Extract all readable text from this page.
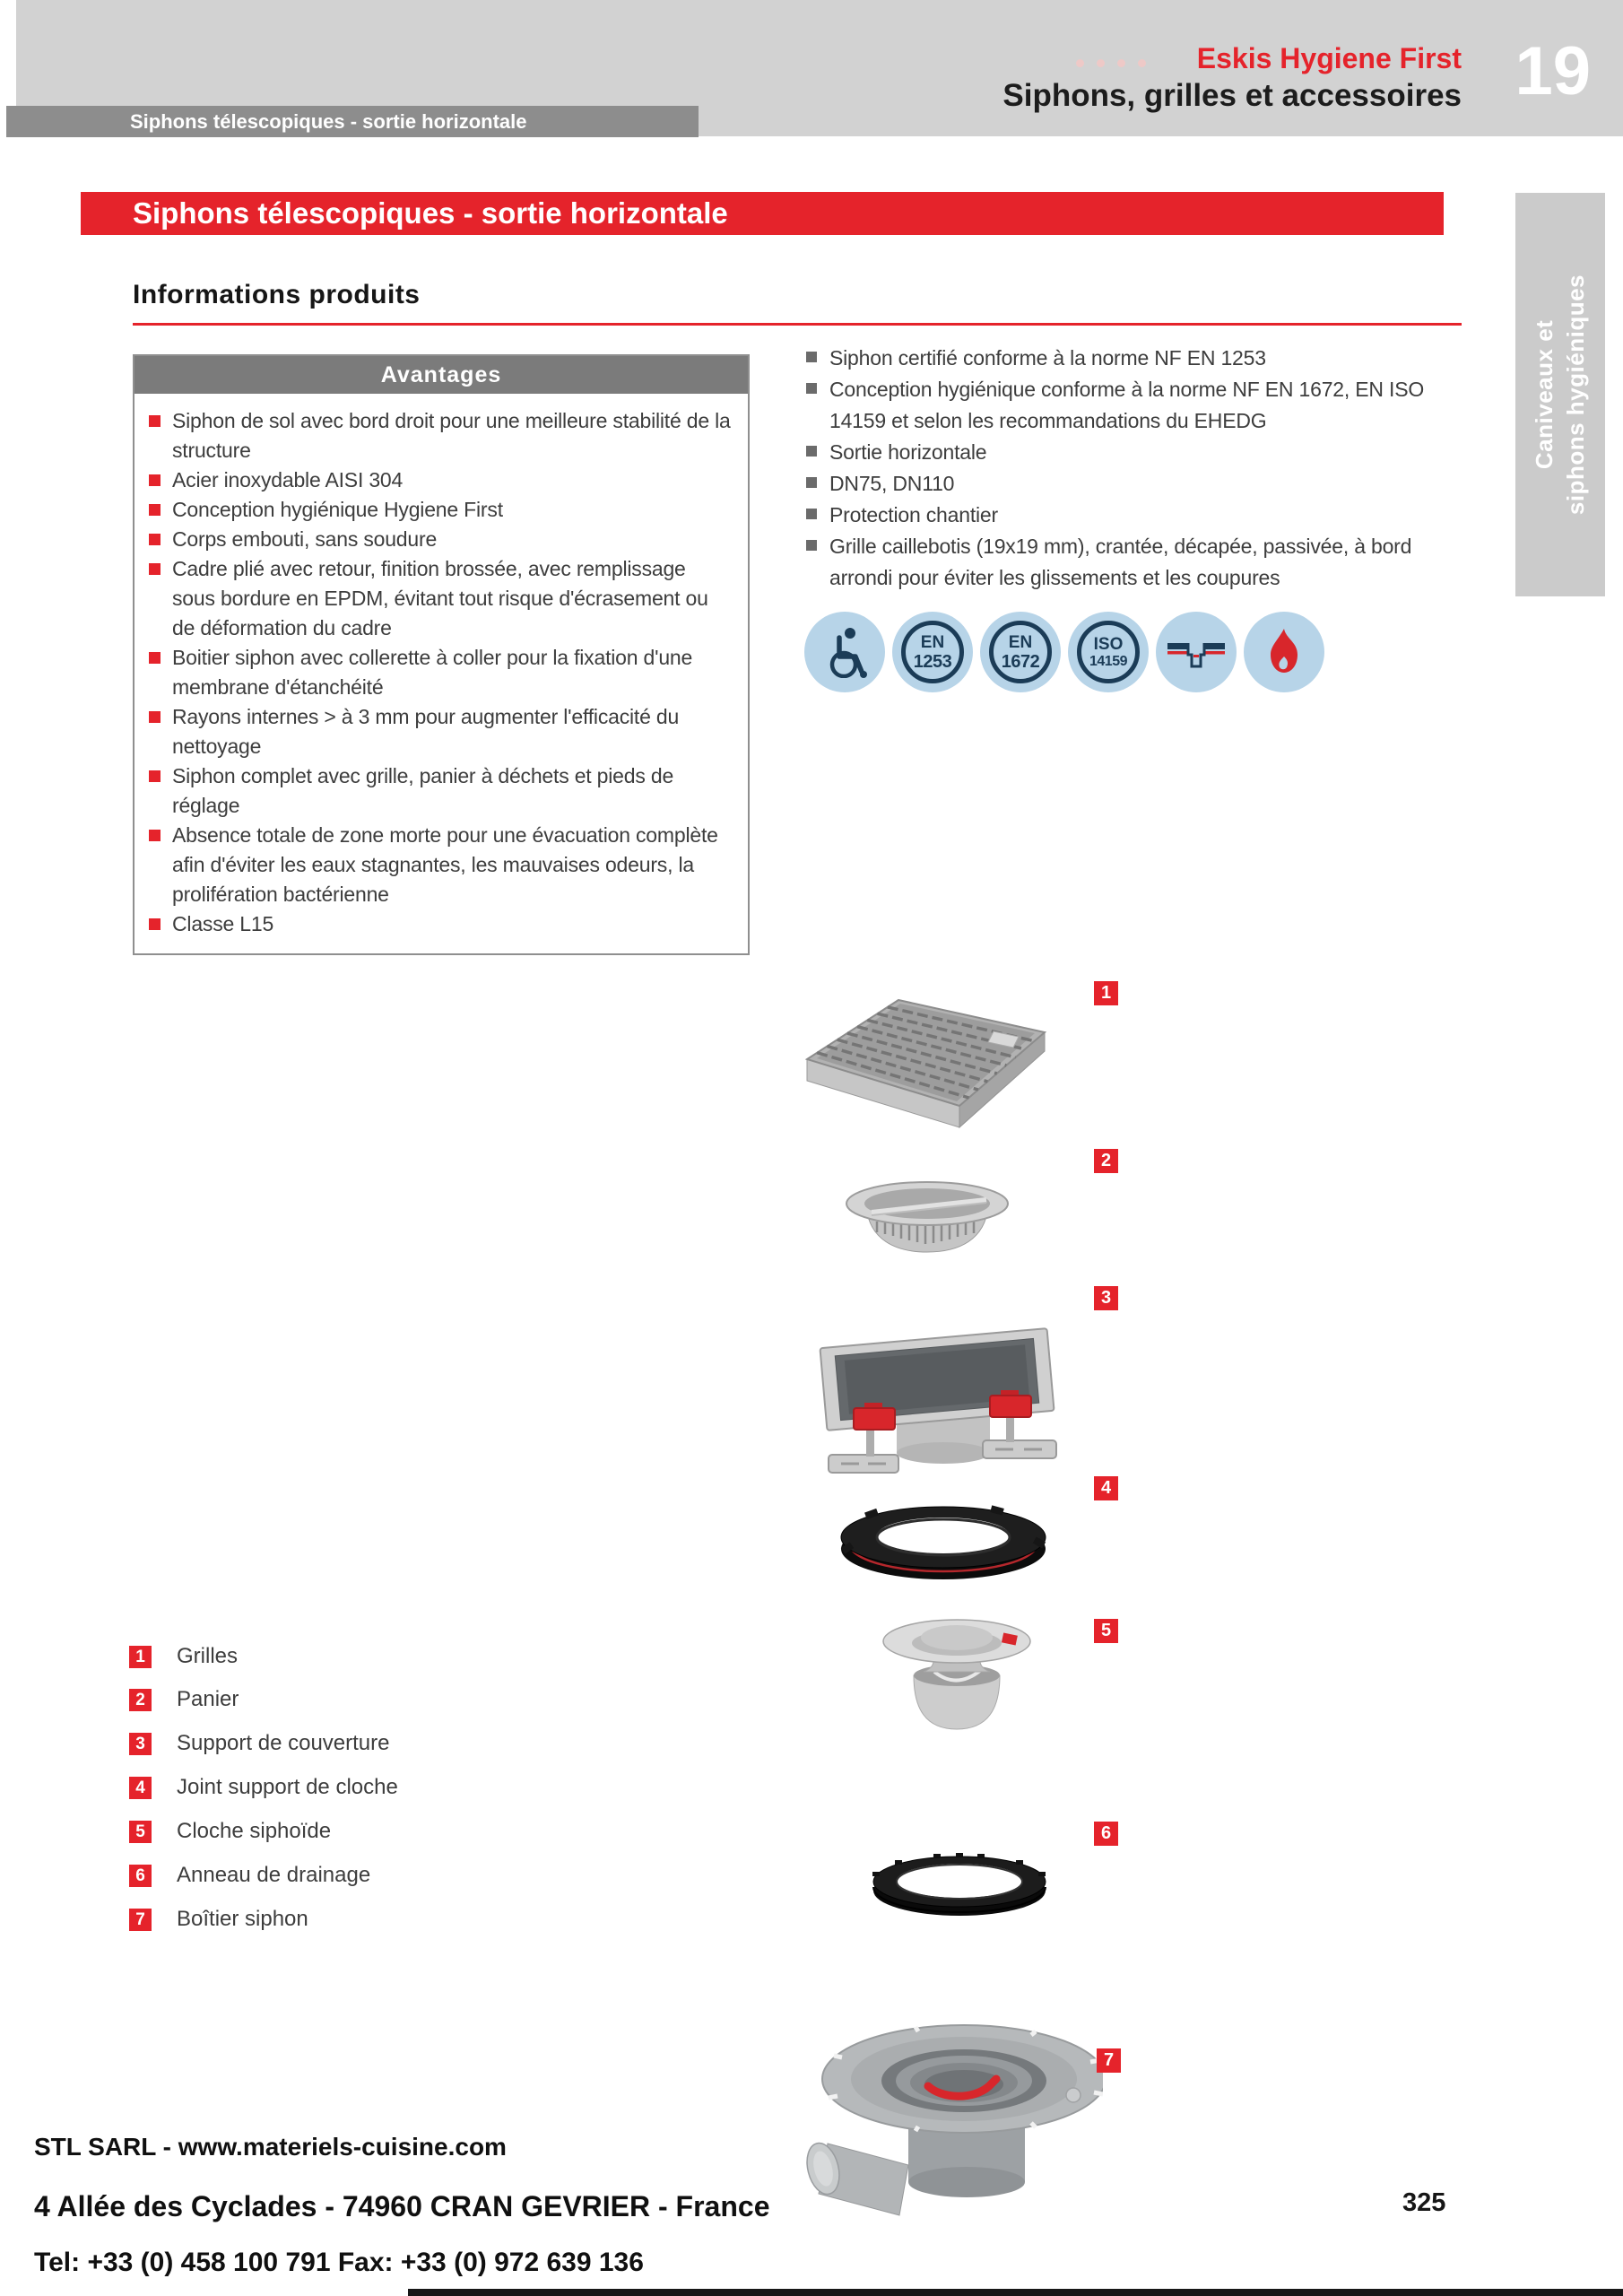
Eskis Hygiene First
Siphons, grilles et accessoires 19
Siphons télescopiques - sortie horizontale
Siphons télescopiques - sortie horizontale
Caniveaux et siphons hygiéniques
Informations produits
Avantages
Siphon de sol avec bord droit pour une meilleure stabilité de la structure
Acier inoxydable AISI 304
Conception hygiénique Hygiene First
Corps embouti, sans soudure
Cadre plié avec retour, finition brossée, avec remplissage sous bordure en EPDM, évitant tout risque d'écrasement ou de déformation du cadre
Boitier siphon avec collerette à coller pour la fixation d'une membrane d'étanchéité
Rayons internes > à 3 mm pour augmenter l'efficacité du nettoyage
Siphon complet avec grille, panier à déchets et pieds de réglage
Absence totale de zone morte pour une évacuation complète afin d'éviter les eaux stagnantes, les mauvaises odeurs, la prolifération bactérienne
Classe L15
Siphon certifié conforme à la norme NF EN 1253
Conception hygiénique conforme à la norme NF EN 1672, EN ISO 14159 et selon les recommandations du EHEDG
Sortie horizontale
DN75, DN110
Protection chantier
Grille caillebotis (19x19 mm), crantée, décapée, passivée, à bord arrondi pour éviter les glissements et les coupures
EN
1253
EN
1672
ISO
14159
1
2
3
4
5
6
7
1	Grilles
2	Panier
3	Support de couverture
4	Joint support de cloche
5	Cloche siphoïde
6	Anneau de drainage
7	Boîtier siphon
STL SARL - www.materiels-cuisine.com
4 Allée des Cyclades - 74960 CRAN GEVRIER - France
Tel: +33 (0) 458 100 791 Fax: +33 (0) 972 639 136
325
